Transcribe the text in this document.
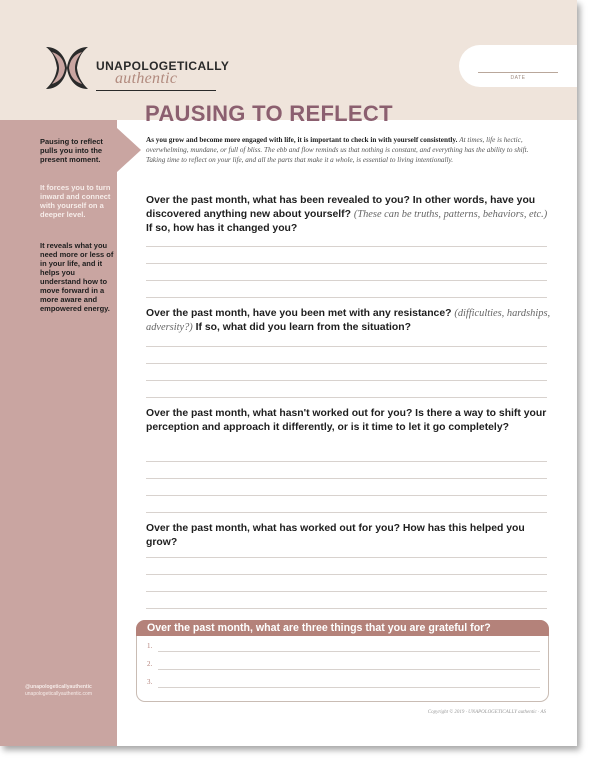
UNAPOLOGETICALLY
authentic	DATE
PAUSING TO REFLECT
Pausing to reflect pulls you into the present moment.
It forces you to turn inward and connect with yourself on a deeper level.
It reveals what you need more or less of in your life, and it helps you understand how to move forward in a more aware and empowered energy.
@unapologeticallyauthentic
unapologeticallyauthentic.com
As you grow and become more engaged with life, it is important to check in with yourself consistently. At times, life is hectic, overwhelming, mundane, or full of bliss. The ebb and flow reminds us that nothing is constant, and everything has the ability to shift. Taking time to reflect on your life, and all the parts that make it a whole, is essential to living intentionally.
Over the past month, what has been revealed to you? In other words, have you discovered anything new about yourself? (These can be truths, patterns, behaviors, etc.) If so, how has it changed you?
Over the past month, have you been met with any resistance? (difficulties, hardships, adversity?) If so, what did you learn from the situation?
Over the past month, what hasn't worked out for you? Is there a way to shift your perception and approach it differently, or is it time to let it go completely?
Over the past month, what has worked out for you? How has this helped you grow?
Over the past month, what are three things that you are grateful for?
1.
2.
3.
Copyright © 2019 · UNAPOLOGETICALLY authentic · AS
